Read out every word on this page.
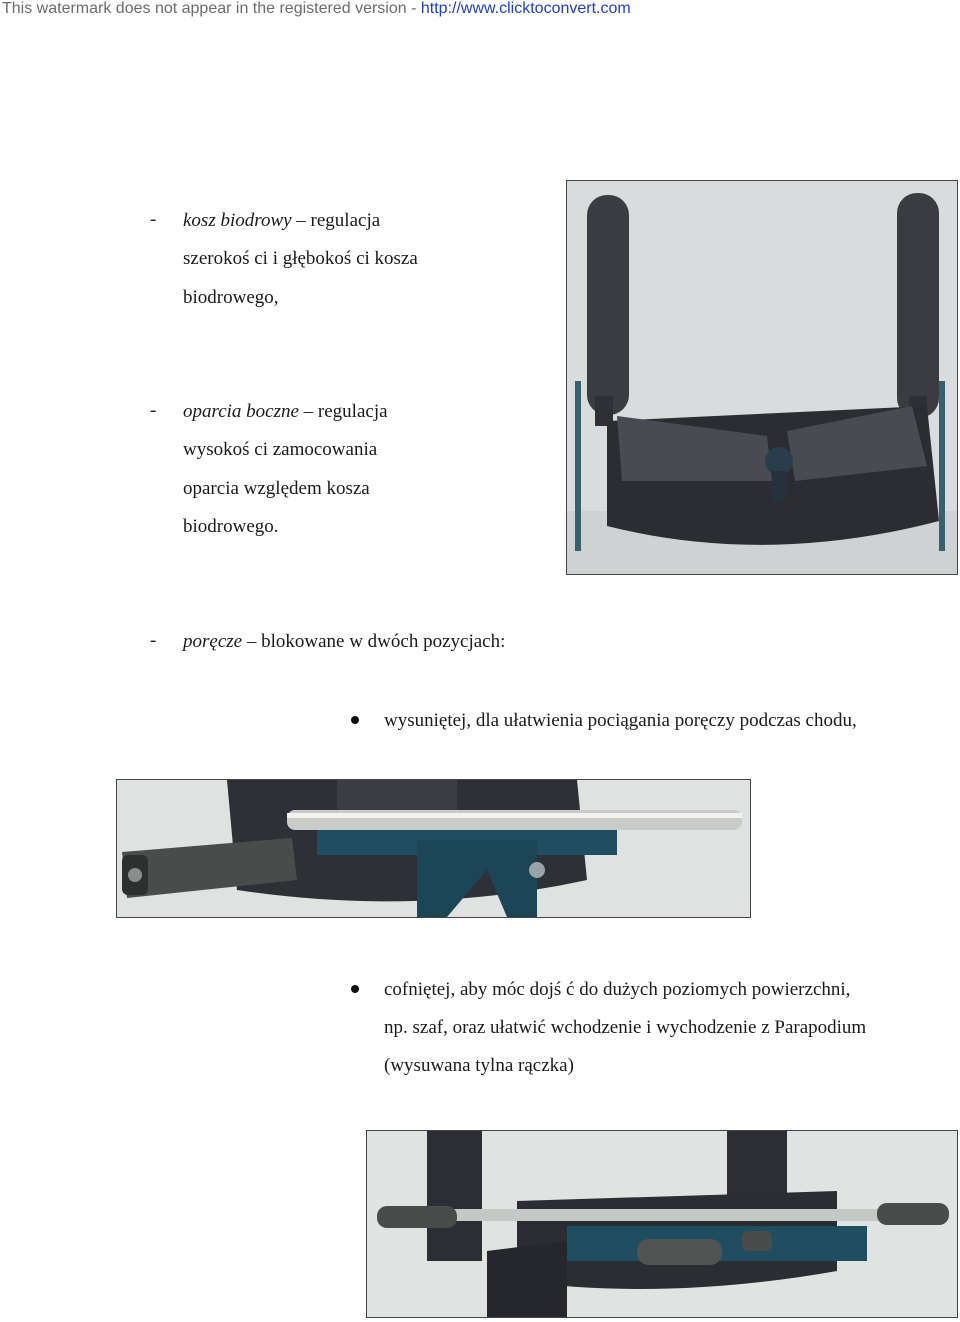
This watermark does not appear in the registered version - http://www.clicktoconvert.com
- kosz biodrowy – regulacja
szerokoś ci i głębokoś ci kosza
biodrowego,
- oparcia boczne – regulacja
wysokoś ci zamocowania
oparcia względem kosza
biodrowego.
- poręcze – blokowane w dwóch pozycjach:
wysuniętej, dla ułatwienia pociągania poręczy podczas chodu,
cofniętej, aby móc dojś ć do dużych poziomych powierzchni,
np. szaf, oraz ułatwić wchodzenie i wychodzenie z Parapodium
(wysuwana tylna rączka)
